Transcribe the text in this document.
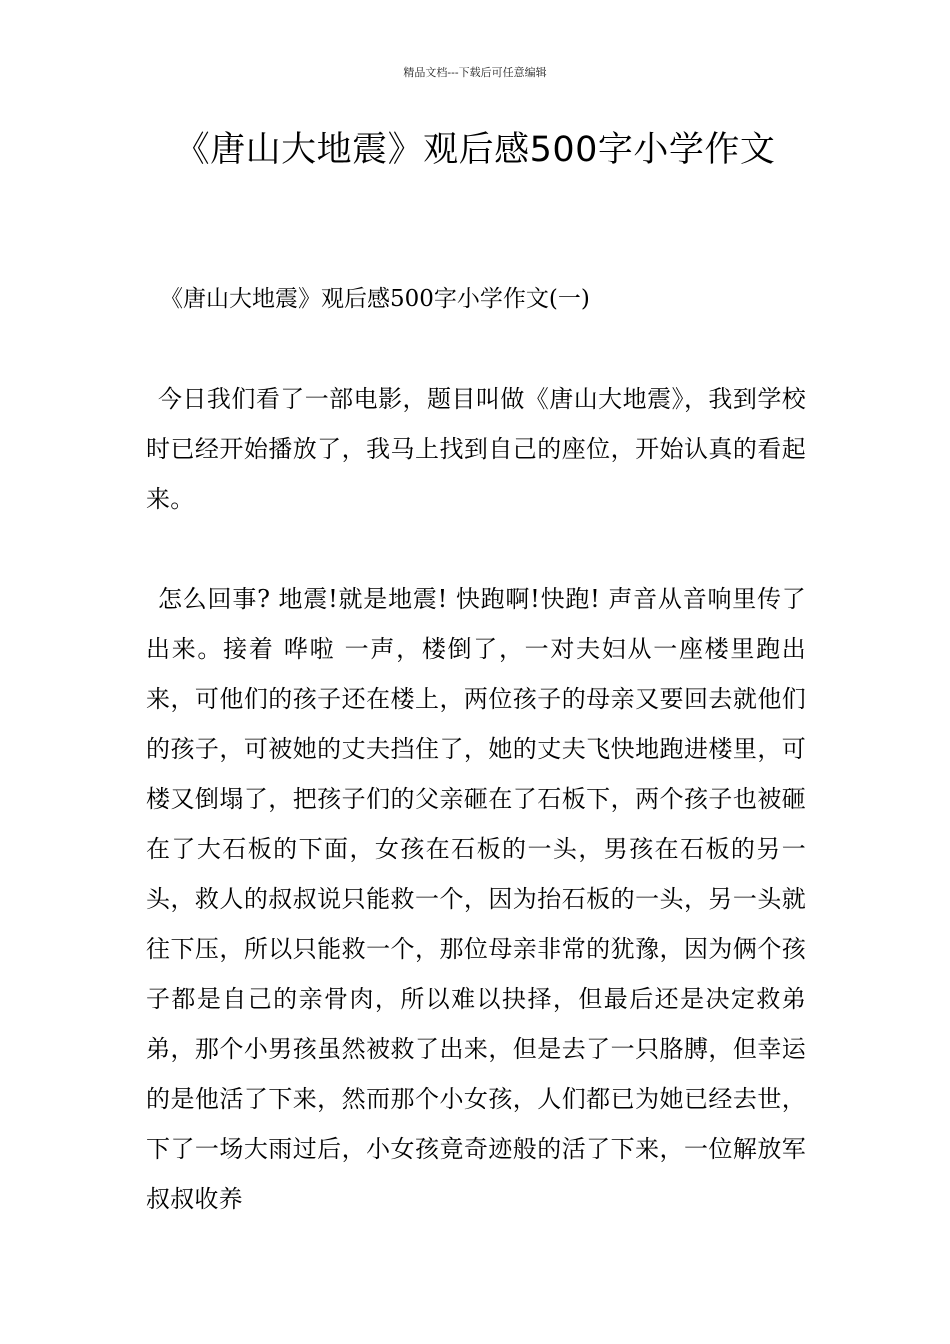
精品文档---下载后可任意编辑
《唐山大地震》观后感500字小学作文
《唐山大地震》观后感500字小学作文(一)

今日我们看了一部电影，题目叫做《唐山大地震》，我到学校时已经开始播放了，我马上找到自己的座位，开始认真的看起来。

怎么回事? 地震!就是地震! 快跑啊!快跑! 声音从音响里传了出来。接着 哗啦 一声，楼倒了，一对夫妇从一座楼里跑出来，可他们的孩子还在楼上，两位孩子的母亲又要回去就他们的孩子，可被她的丈夫挡住了，她的丈夫飞快地跑进楼里，可楼又倒塌了，把孩子们的父亲砸在了石板下，两个孩子也被砸在了大石板的下面，女孩在石板的一头，男孩在石板的另一头，救人的叔叔说只能救一个，因为抬石板的一头，另一头就往下压，所以只能救一个，那位母亲非常的犹豫，因为俩个孩子都是自己的亲骨肉，所以难以抉择，但最后还是决定救弟弟，那个小男孩虽然被救了出来，但是去了一只胳膊，但幸运的是他活了下来，然而那个小女孩，人们都已为她已经去世，下了一场大雨过后，小女孩竟奇迹般的活了下来，一位解放军叔叔收养
